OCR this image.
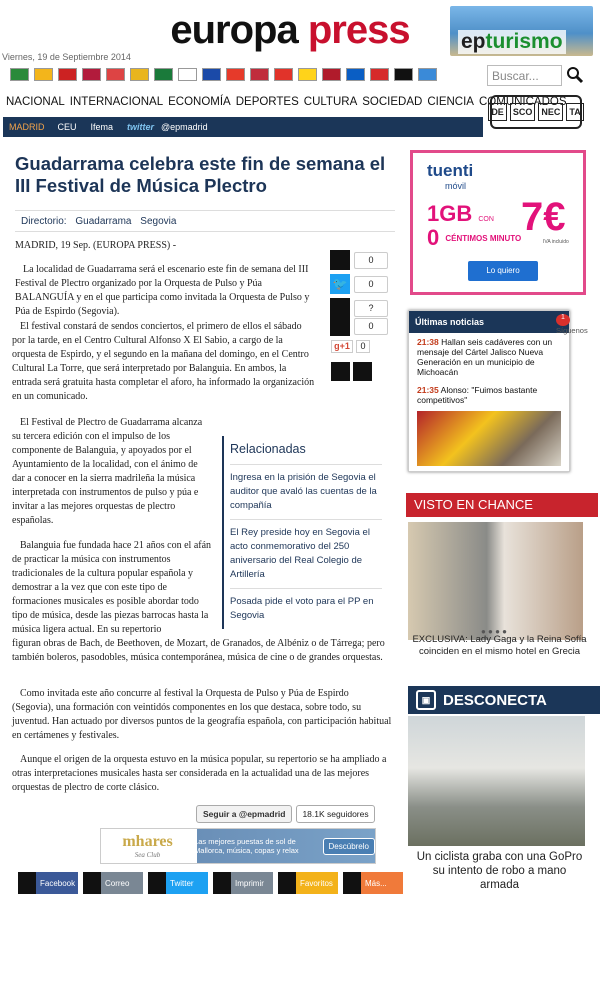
europa press	epturismo
Viernes, 19 de Septiembre 2014
Buscar...
NACIONAL INTERNACIONAL ECONOMÍA DEPORTES CULTURA SOCIEDAD CIENCIA COMUNICADOS
DE	SCO	NEC	TA
MADRID	CEU	Ifema	twitter @epmadrid
Guadarrama celebra este fin de semana el III Festival de Música Plectro
Directorio: Guadarrama Segovia
MADRID, 19 Sep. (EUROPA PRESS) -

La localidad de Guadarrama será el escenario este fin de semana del III Festival de Plectro organizado por la Orquesta de Pulso y Púa BALANGUÍA y en el que participa como invitada la Orquesta de Pulso y Púa de Espirdo (Segovia).

El festival constará de sendos conciertos, el primero de ellos el sábado por la tarde, en el Centro Cultural Alfonso X El Sabio, a cargo de la orquesta de Espirdo, y el segundo en la mañana del domingo, en el Centro Cultural La Torre, que será interpretado por Balanguia. En ambos, la entrada será gratuita hasta completar el aforo, ha informado la organización en un comunicado.

El Festival de Plectro de Guadarrama alcanza su tercera edición con el impulso de los componente de Balanguia, y apoyados por el Ayuntamiento de la localidad, con el ánimo de dar a conocer en la sierra madrileña la música interpretada con instrumentos de pulso y púa e invitar a las mejores orquestas de plectro españolas.

Balanguia fue fundada hace 21 años con el afán de practicar la música con instrumentos tradicionales de la cultura popular española y demostrar a la vez que con este tipo de formaciones musicales es posible abordar todo tipo de música, desde las piezas barrocas hasta la música ligera actual. En su repertorio

figuran obras de Bach, de Beethoven, de Mozart, de Granados, de Albéniz o de Tárrega; pero también boleros, pasodobles, música contemporánea, música de cine o de grandes orquestas.

Como invitada este año concurre al festival la Orquesta de Pulso y Púa de Espirdo (Segovia), una formación con veintidós componentes en los que destaca, sobre todo, su juventud. Han actuado por diversos puntos de la geografía española, con participación habitual en certámenes y festivales.

Aunque el origen de la orquesta estuvo en la música popular, su repertorio se ha ampliado a otras interpretaciones musicales hasta ser considerada en la actualidad una de las mejores orquestas de plectro de corte clásico.

0
🐦	0
?
0
g+1 0
Relacionadas
Ingresa en la prisión de Segovia el auditor que avaló las cuentas de la compañía
El Rey preside hoy en Segovia el acto conmemorativo del 250 aniversario del Real Colegio de Artillería
Posada pide el voto para el PP en Segovia
Seguir a @epmadrid	18.1K seguidores
mhares
Sea Club
Las mejores puestas de sol de Mallorca, música, copas y relax	Descúbrelo
Facebook	Correo	Twitter	Imprimir	Favoritos	Más...
tuenti
móvil
1GB CON
0 CÉNTIMOS MINUTO 7€
IVA incluido
Lo quiero
Últimas noticias
21:38 Hallan seis cadáveres con un mensaje del Cártel Jalisco Nueva Generación en un municipio de Michoacán
21:35 Alonso: "Fuimos bastante competitivos"
1
Síguenos
VISTO EN CHANCE
● ● ● ●
EXCLUSIVA: Lady Gaga y la Reina Sofía coinciden en el mismo hotel en Grecia
▣ DESCONECTA
Un ciclista graba con una GoPro su intento de robo a mano armada
